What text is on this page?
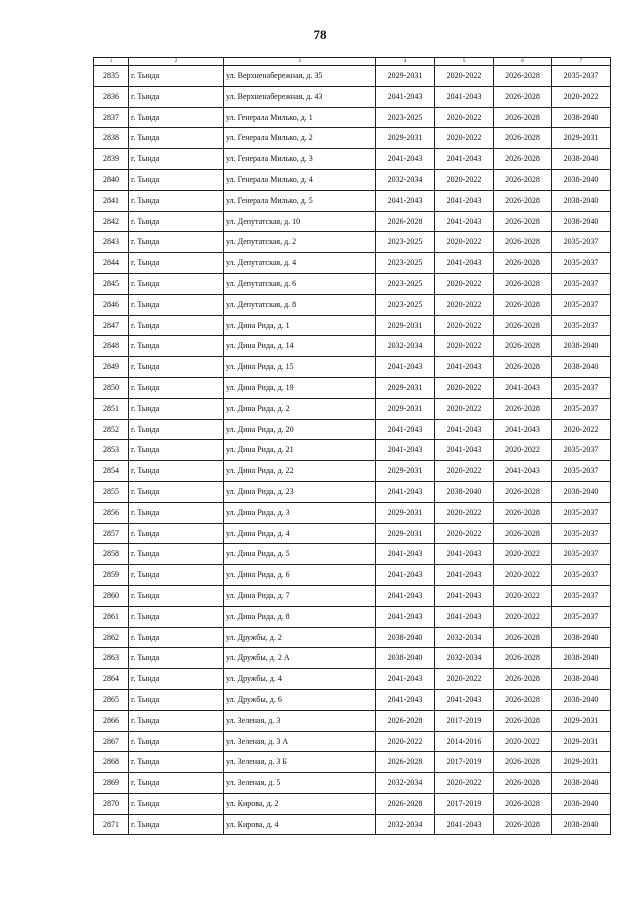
78
1	2	3	4	5	6	7
2835	г. Тында	ул. Верхненабережная, д. 35	2029-2031	2020-2022	2026-2028	2035-2037
2836	г. Тында	ул. Верхненабережная, д. 43	2041-2043	2041-2043	2026-2028	2020-2022
2837	г. Тында	ул. Генерала Милько, д. 1	2023-2025	2020-2022	2026-2028	2038-2040
2838	г. Тында	ул. Генерала Милько, д. 2	2029-2031	2020-2022	2026-2028	2029-2031
2839	г. Тында	ул. Генерала Милько, д. 3	2041-2043	2041-2043	2026-2028	2038-2040
2840	г. Тында	ул. Генерала Милько, д. 4	2032-2034	2020-2022	2026-2028	2038-2040
2841	г. Тында	ул. Генерала Милько, д. 5	2041-2043	2041-2043	2026-2028	2038-2040
2842	г. Тында	ул. Депутатская, д. 10	2026-2028	2041-2043	2026-2028	2038-2040
2843	г. Тында	ул. Депутатская, д. 2	2023-2025	2020-2022	2026-2028	2035-2037
2844	г. Тында	ул. Депутатская, д. 4	2023-2025	2041-2043	2026-2028	2035-2037
2845	г. Тында	ул. Депутатская, д. 6	2023-2025	2020-2022	2026-2028	2035-2037
2846	г. Тында	ул. Депутатская, д. 8	2023-2025	2020-2022	2026-2028	2035-2037
2847	г. Тында	ул. Дина Рида, д. 1	2029-2031	2020-2022	2026-2028	2035-2037
2848	г. Тында	ул. Дина Рида, д. 14	2032-2034	2020-2022	2026-2028	2038-2040
2849	г. Тында	ул. Дина Рида, д. 15	2041-2043	2041-2043	2026-2028	2038-2040
2850	г. Тында	ул. Дина Рида, д. 19	2029-2031	2020-2022	2041-2043	2035-2037
2851	г. Тында	ул. Дина Рида, д. 2	2029-2031	2020-2022	2026-2028	2035-2037
2852	г. Тында	ул. Дина Рида, д. 20	2041-2043	2041-2043	2041-2043	2020-2022
2853	г. Тында	ул. Дина Рида, д. 21	2041-2043	2041-2043	2020-2022	2035-2037
2854	г. Тында	ул. Дина Рида, д. 22	2029-2031	2020-2022	2041-2043	2035-2037
2855	г. Тында	ул. Дина Рида, д. 23	2041-2043	2038-2040	2026-2028	2038-2040
2856	г. Тында	ул. Дина Рида, д. 3	2029-2031	2020-2022	2026-2028	2035-2037
2857	г. Тында	ул. Дина Рида, д. 4	2029-2031	2020-2022	2026-2028	2035-2037
2858	г. Тында	ул. Дина Рида, д. 5	2041-2043	2041-2043	2020-2022	2035-2037
2859	г. Тында	ул. Дина Рида, д. 6	2041-2043	2041-2043	2020-2022	2035-2037
2860	г. Тында	ул. Дина Рида, д. 7	2041-2043	2041-2043	2020-2022	2035-2037
2861	г. Тында	ул. Дина Рида, д. 8	2041-2043	2041-2043	2020-2022	2035-2037
2862	г. Тында	ул. Дружбы, д. 2	2038-2040	2032-2034	2026-2028	2038-2040
2863	г. Тында	ул. Дружбы, д. 2 А	2038-2040	2032-2034	2026-2028	2038-2040
2864	г. Тында	ул. Дружбы, д. 4	2041-2043	2020-2022	2026-2028	2038-2040
2865	г. Тында	ул. Дружбы, д. 6	2041-2043	2041-2043	2026-2028	2038-2040
2866	г. Тында	ул. Зеленая, д. 3	2026-2028	2017-2019	2026-2028	2029-2031
2867	г. Тында	ул. Зеленая, д. 3 А	2020-2022	2014-2016	2020-2022	2029-2031
2868	г. Тында	ул. Зеленая, д. 3 Б	2026-2028	2017-2019	2026-2028	2029-2031
2869	г. Тында	ул. Зеленая, д. 5	2032-2034	2020-2022	2026-2028	2038-2040
2870	г. Тында	ул. Кирова, д. 2	2026-2028	2017-2019	2026-2028	2038-2040
2871	г. Тында	ул. Кирова, д. 4	2032-2034	2041-2043	2026-2028	2038-2040
